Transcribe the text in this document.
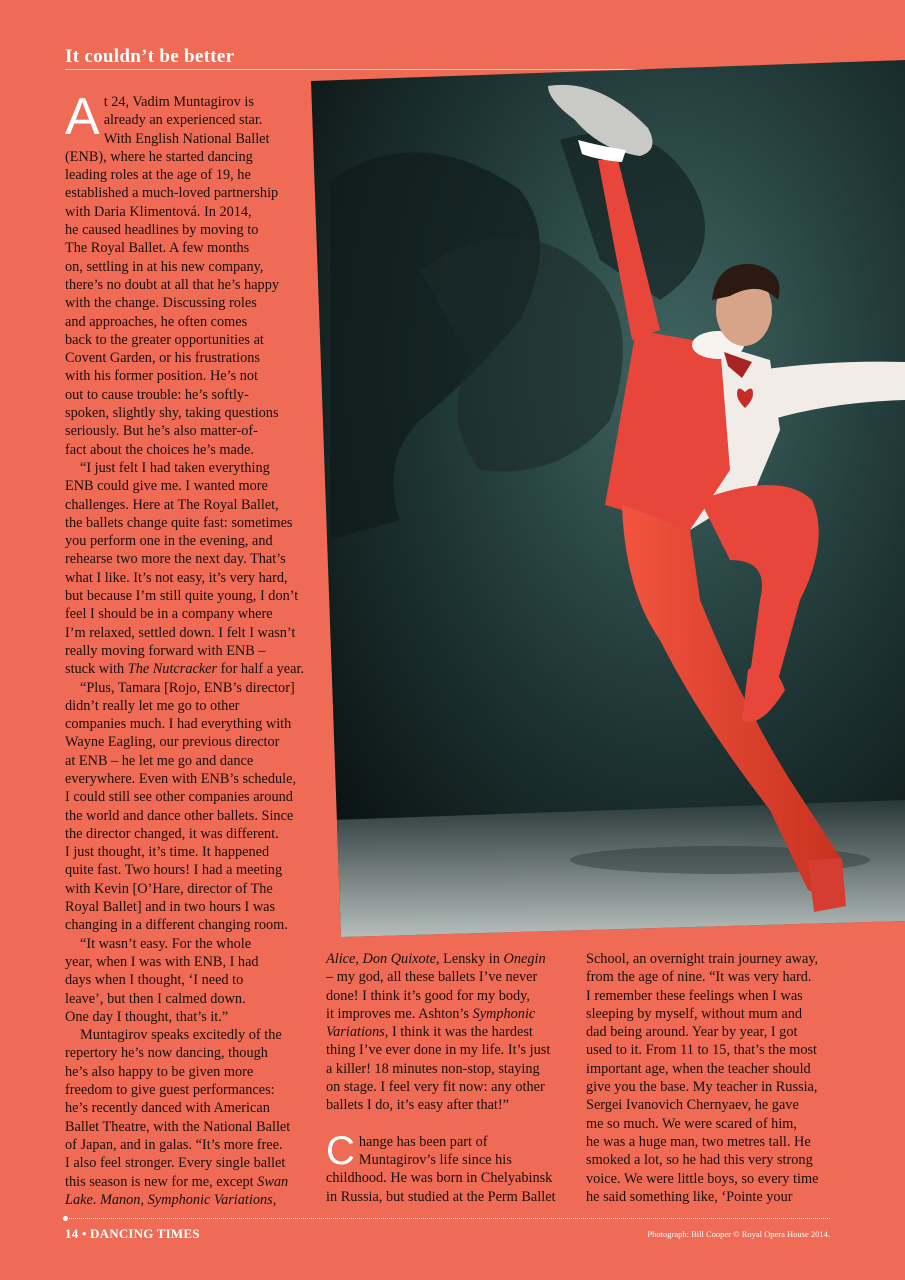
It couldn’t be better
A t 24, Vadim Muntagirov is
already an experienced star.
With English National Ballet
(ENB), where he started dancing
leading roles at the age of 19, he
established a much-loved partnership
with Daria Klimentová. In 2014,
he caused headlines by moving to
The Royal Ballet. A few months
on, settling in at his new company,
there’s no doubt at all that he’s happy
with the change. Discussing roles
and approaches, he often comes
back to the greater opportunities at
Covent Garden, or his frustrations
with his former position. He’s not
out to cause trouble: he’s softly-
spoken, slightly shy, taking questions
seriously. But he’s also matter-of-
fact about the choices he’s made.
“I just felt I had taken everything
ENB could give me. I wanted more
challenges. Here at The Royal Ballet,
the ballets change quite fast: sometimes
you perform one in the evening, and
rehearse two more the next day. That’s
what I like. It’s not easy, it’s very hard,
but because I’m still quite young, I don’t
feel I should be in a company where
I’m relaxed, settled down. I felt I wasn’t
really moving forward with ENB –
stuck with The Nutcracker for half a year.
“Plus, Tamara [Rojo, ENB’s director]
didn’t really let me go to other
companies much. I had everything with
Wayne Eagling, our previous director
at ENB – he let me go and dance
everywhere. Even with ENB’s schedule,
I could still see other companies around
the world and dance other ballets. Since
the director changed, it was different.
I just thought, it’s time. It happened
quite fast. Two hours! I had a meeting
with Kevin [O’Hare, director of The
Royal Ballet] and in two hours I was
changing in a different changing room.

“It wasn’t easy. For the whole
year, when I was with ENB, I had
days when I thought, ‘I need to
leave’, but then I calmed down.
One day I thought, that’s it.”
Muntagirov speaks excitedly of the
repertory he’s now dancing, though
he’s also happy to be given more
freedom to give guest performances:
he’s recently danced with American
Ballet Theatre, with the National Ballet
of Japan, and in galas. “It’s more free.
I also feel stronger. Every single ballet
this season is new for me, except Swan
Lake. Manon, Symphonic Variations,

Alice, Don Quixote, Lensky in Onegin
– my god, all these ballets I’ve never
done! I think it’s good for my body,
it improves me. Ashton’s Symphonic
Variations, I think it was the hardest
thing I’ve ever done in my life. It’s just
a killer! 18 minutes non-stop, staying
on stage. I feel very fit now: any other
ballets I do, it’s easy after that!”

C hange has been part of
Muntagirov’s life since his
childhood. He was born in Chelyabinsk
in Russia, but studied at the Perm Ballet

School, an overnight train journey away,
from the age of nine. “It was very hard.
I remember these feelings when I was
sleeping by myself, without mum and
dad being around. Year by year, I got
used to it. From 11 to 15, that’s the most
important age, when the teacher should
give you the base. My teacher in Russia,
Sergei Ivanovich Chernyaev, he gave
me so much. We were scared of him,
he was a huge man, two metres tall. He
smoked a lot, so he had this very strong
voice. We were little boys, so every time
he said something like, ‘Pointe your

14 • DANCING TIMES	Photograph: Bill Cooper © Royal Opera House 2014.
